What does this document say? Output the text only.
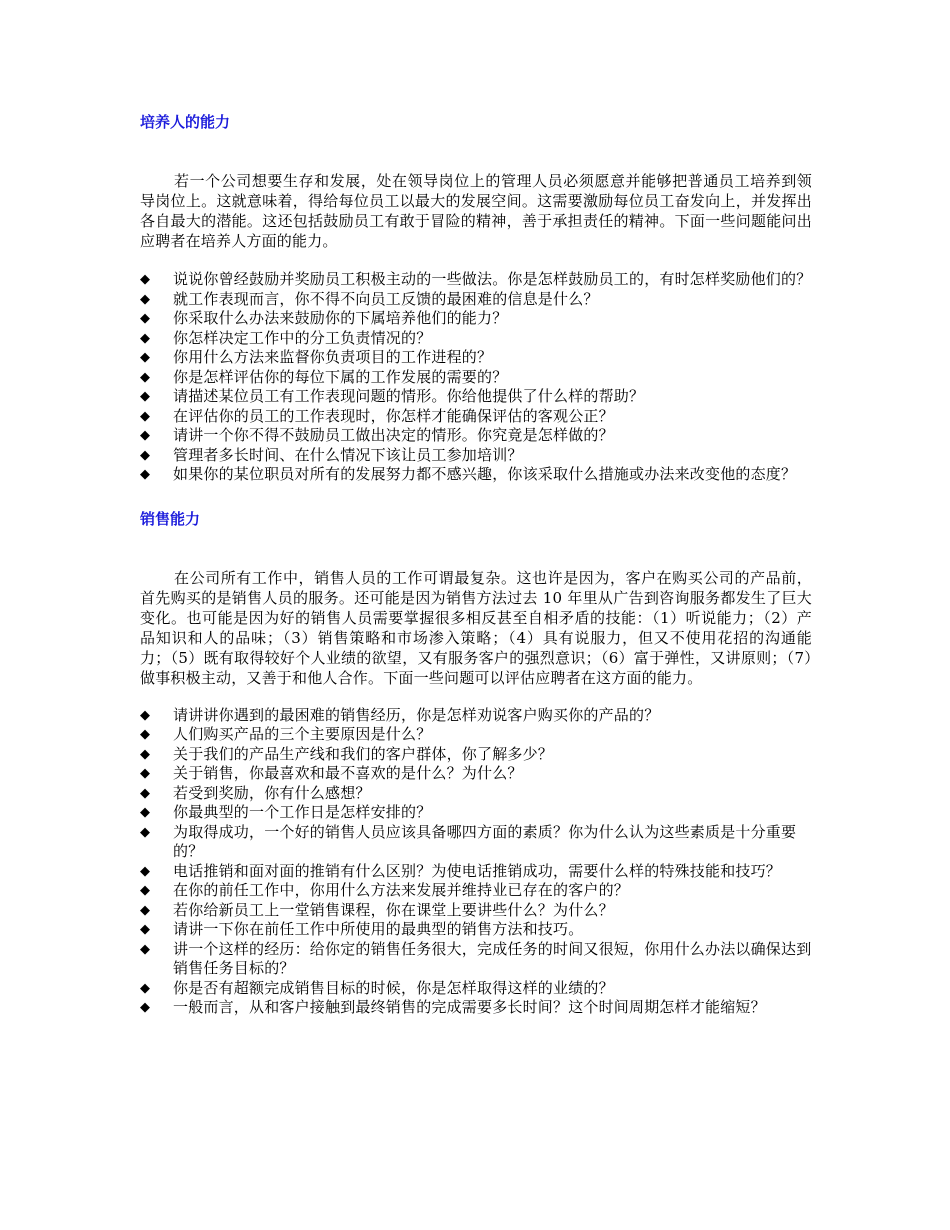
培养人的能力

若一个公司想要生存和发展，处在领导岗位上的管理人员必须愿意并能够把普通员工培养到领导岗位上。这就意味着，得给每位员工以最大的发展空间。这需要激励每位员工奋发向上，并发挥出各自最大的潜能。这还包括鼓励员工有敢于冒险的精神，善于承担责任的精神。下面一些问题能问出应聘者在培养人方面的能力。

◆ 说说你曾经鼓励并奖励员工积极主动的一些做法。你是怎样鼓励员工的，有时怎样奖励他们的？
◆ 就工作表现而言，你不得不向员工反馈的最困难的信息是什么？
◆ 你采取什么办法来鼓励你的下属培养他们的能力？
◆ 你怎样决定工作中的分工负责情况的？
◆ 你用什么方法来监督你负责项目的工作进程的？
◆ 你是怎样评估你的每位下属的工作发展的需要的？
◆ 请描述某位员工有工作表现问题的情形。你给他提供了什么样的帮助？
◆ 在评估你的员工的工作表现时，你怎样才能确保评估的客观公正？
◆ 请讲一个你不得不鼓励员工做出决定的情形。你究竟是怎样做的？
◆ 管理者多长时间、在什么情况下该让员工参加培训？
◆ 如果你的某位职员对所有的发展努力都不感兴趣，你该采取什么措施或办法来改变他的态度？
销售能力

在公司所有工作中，销售人员的工作可谓最复杂。这也许是因为，客户在购买公司的产品前，首先购买的是销售人员的服务。还可能是因为销售方法过去 10 年里从广告到咨询服务都发生了巨大变化。也可能是因为好的销售人员需要掌握很多相反甚至自相矛盾的技能：（1）听说能力；（2）产品知识和人的品味；（3）销售策略和市场渗入策略；（4）具有说服力，但又不使用花招的沟通能力；（5）既有取得较好个人业绩的欲望，又有服务客户的强烈意识；（6）富于弹性，又讲原则；（7）做事积极主动，又善于和他人合作。下面一些问题可以评估应聘者在这方面的能力。

◆ 请讲讲你遇到的最困难的销售经历，你是怎样劝说客户购买你的产品的？
◆ 人们购买产品的三个主要原因是什么？
◆ 关于我们的产品生产线和我们的客户群体，你了解多少？
◆ 关于销售，你最喜欢和最不喜欢的是什么？为什么？
◆ 若受到奖励，你有什么感想？
◆ 你最典型的一个工作日是怎样安排的？
◆ 为取得成功，一个好的销售人员应该具备哪四方面的素质？你为什么认为这些素质是十分重要的？
◆ 电话推销和面对面的推销有什么区别？为使电话推销成功，需要什么样的特殊技能和技巧？
◆ 在你的前任工作中，你用什么方法来发展并维持业已存在的客户的？
◆ 若你给新员工上一堂销售课程，你在课堂上要讲些什么？为什么？
◆ 请讲一下你在前任工作中所使用的最典型的销售方法和技巧。
◆ 讲一个这样的经历：给你定的销售任务很大，完成任务的时间又很短，你用什么办法以确保达到销售任务目标的？
◆ 你是否有超额完成销售目标的时候，你是怎样取得这样的业绩的？
◆ 一般而言，从和客户接触到最终销售的完成需要多长时间？这个时间周期怎样才能缩短？
